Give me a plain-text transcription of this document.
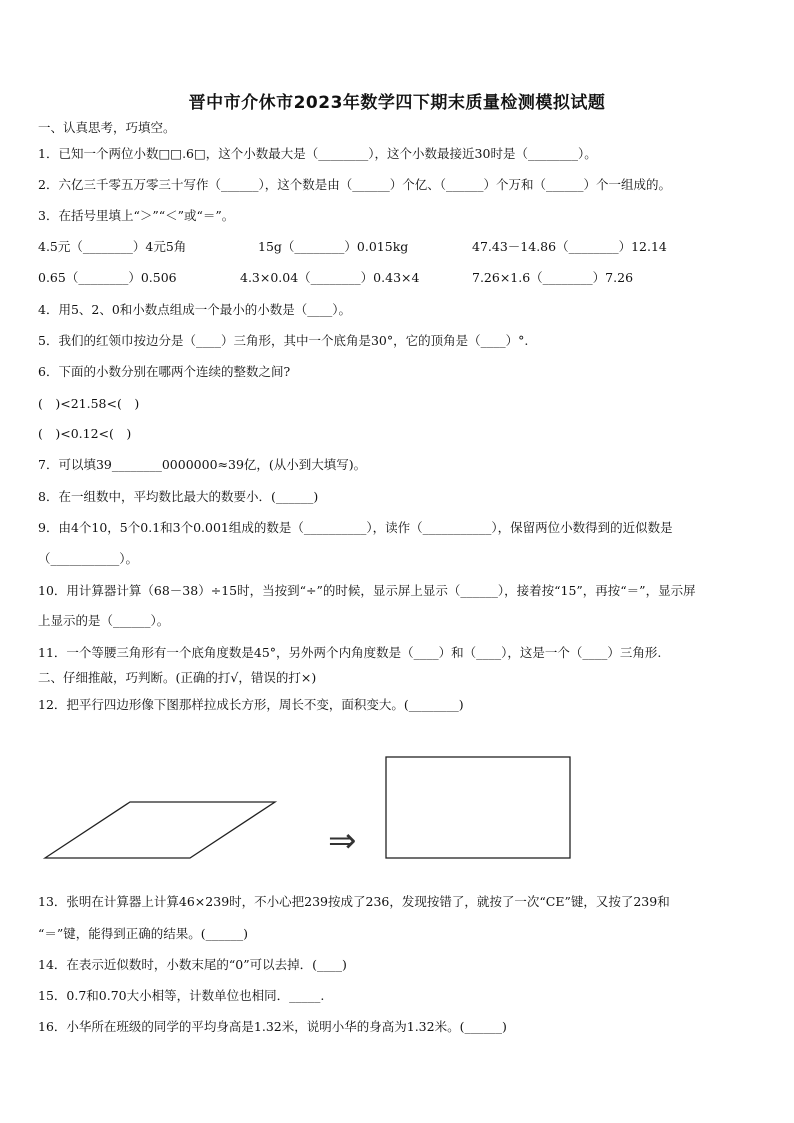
晋中市介休市2023年数学四下期末质量检测模拟试题
一、认真思考，巧填空。
1．已知一个两位小数□□.6□，这个小数最大是（________），这个小数最接近30时是（________）。
2．六亿三千零五万零三十写作（______），这个数是由（______）个亿、（______）个万和（______）个一组成的。
3．在括号里填上“＞”“＜”或“＝”。
4.5元（________）4元5角	15g（________）0.015kg	47.43－14.86（________）12.14
0.65（________）0.506	4.3×0.04（________）0.43×4	7.26×1.6（________）7.26
4．用5、2、0和小数点组成一个最小的小数是（____）。
5．我们的红领巾按边分是（____）三角形，其中一个底角是30°，它的顶角是（____）°.
6．下面的小数分别在哪两个连续的整数之间?
(　)<21.58<(　)
(　)<0.12<(　)
7．可以填39________0000000≈39亿，(从小到大填写)。
8．在一组数中，平均数比最大的数要小．(______)
9．由4个10，5个0.1和3个0.001组成的数是（__________），读作（___________），保留两位小数得到的近似数是
（___________）。
10．用计算器计算（68－38）÷15时，当按到“÷”的时候，显示屏上显示（______），接着按“15”，再按“＝”，显示屏
上显示的是（______）。
11．一个等腰三角形有一个底角度数是45°，另外两个内角度数是（____）和（____），这是一个（____）三角形.
二、仔细推敲，巧判断。(正确的打√，错误的打×)
12．把平行四边形像下图那样拉成长方形，周长不变，面积变大。(________)
⇒
13．张明在计算器上计算46×239时，不小心把239按成了236，发现按错了，就按了一次“CE”键，又按了239和
“＝”键，能得到正确的结果。(______)
14．在表示近似数时，小数末尾的“0”可以去掉．(____)
15．0.7和0.70大小相等，计数单位也相同．_____.
16．小华所在班级的同学的平均身高是1.32米，说明小华的身高为1.32米。(______)
